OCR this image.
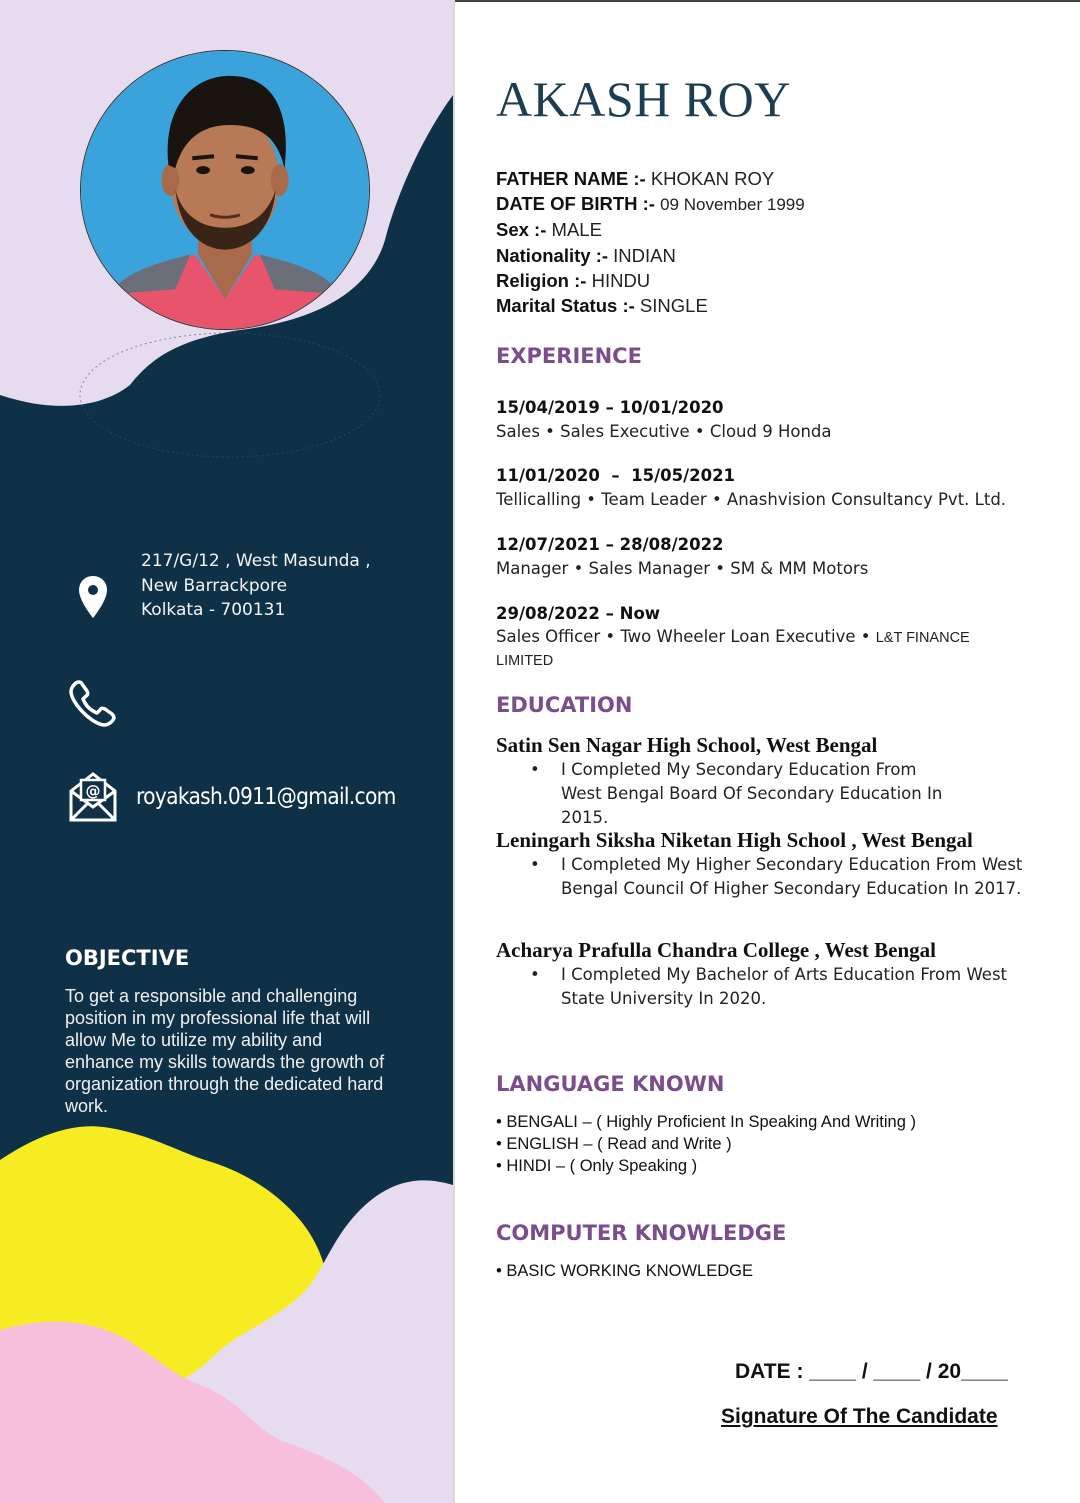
217/G/12 , West Masunda ,
New Barrackpore
Kolkata - 700131
@ royakash.0911@gmail.com
OBJECTIVE
To get a responsible and challenging position in my professional life that will allow Me to utilize my ability and enhance my skills towards the growth of organization through the dedicated hard work.
AKASH ROY
FATHER NAME :- KHOKAN ROY
DATE OF BIRTH :- 09 November 1999
Sex :- MALE
Nationality :- INDIAN
Religion :- HINDU
Marital Status :- SINGLE
EXPERIENCE
15/04/2019 – 10/01/2020
Sales • Sales Executive • Cloud 9 Honda
11/01/2020  –  15/05/2021
Tellicalling • Team Leader • Anashvision Consultancy Pvt. Ltd.
12/07/2021 – 28/08/2022
Manager • Sales Manager • SM & MM Motors
29/08/2022 – Now
Sales Officer • Two Wheeler Loan Executive • L&T FINANCE LIMITED
EDUCATION
Satin Sen Nagar High School, West Bengal
• I Completed My Secondary Education From West Bengal Board Of Secondary Education In 2015.
Leningarh Siksha Niketan High School , West Bengal
• I Completed My Higher Secondary Education From West Bengal Council Of Higher Secondary Education In 2017.
Acharya Prafulla Chandra College , West Bengal
• I Completed My Bachelor of Arts Education From West State University In 2020.
LANGUAGE KNOWN
• BENGALI – ( Highly Proficient In Speaking And Writing )
• ENGLISH – ( Read and Write )
• HINDI – ( Only Speaking )
COMPUTER KNOWLEDGE
• BASIC WORKING KNOWLEDGE
DATE : ____ / ____ / 20____
Signature Of The Candidate
